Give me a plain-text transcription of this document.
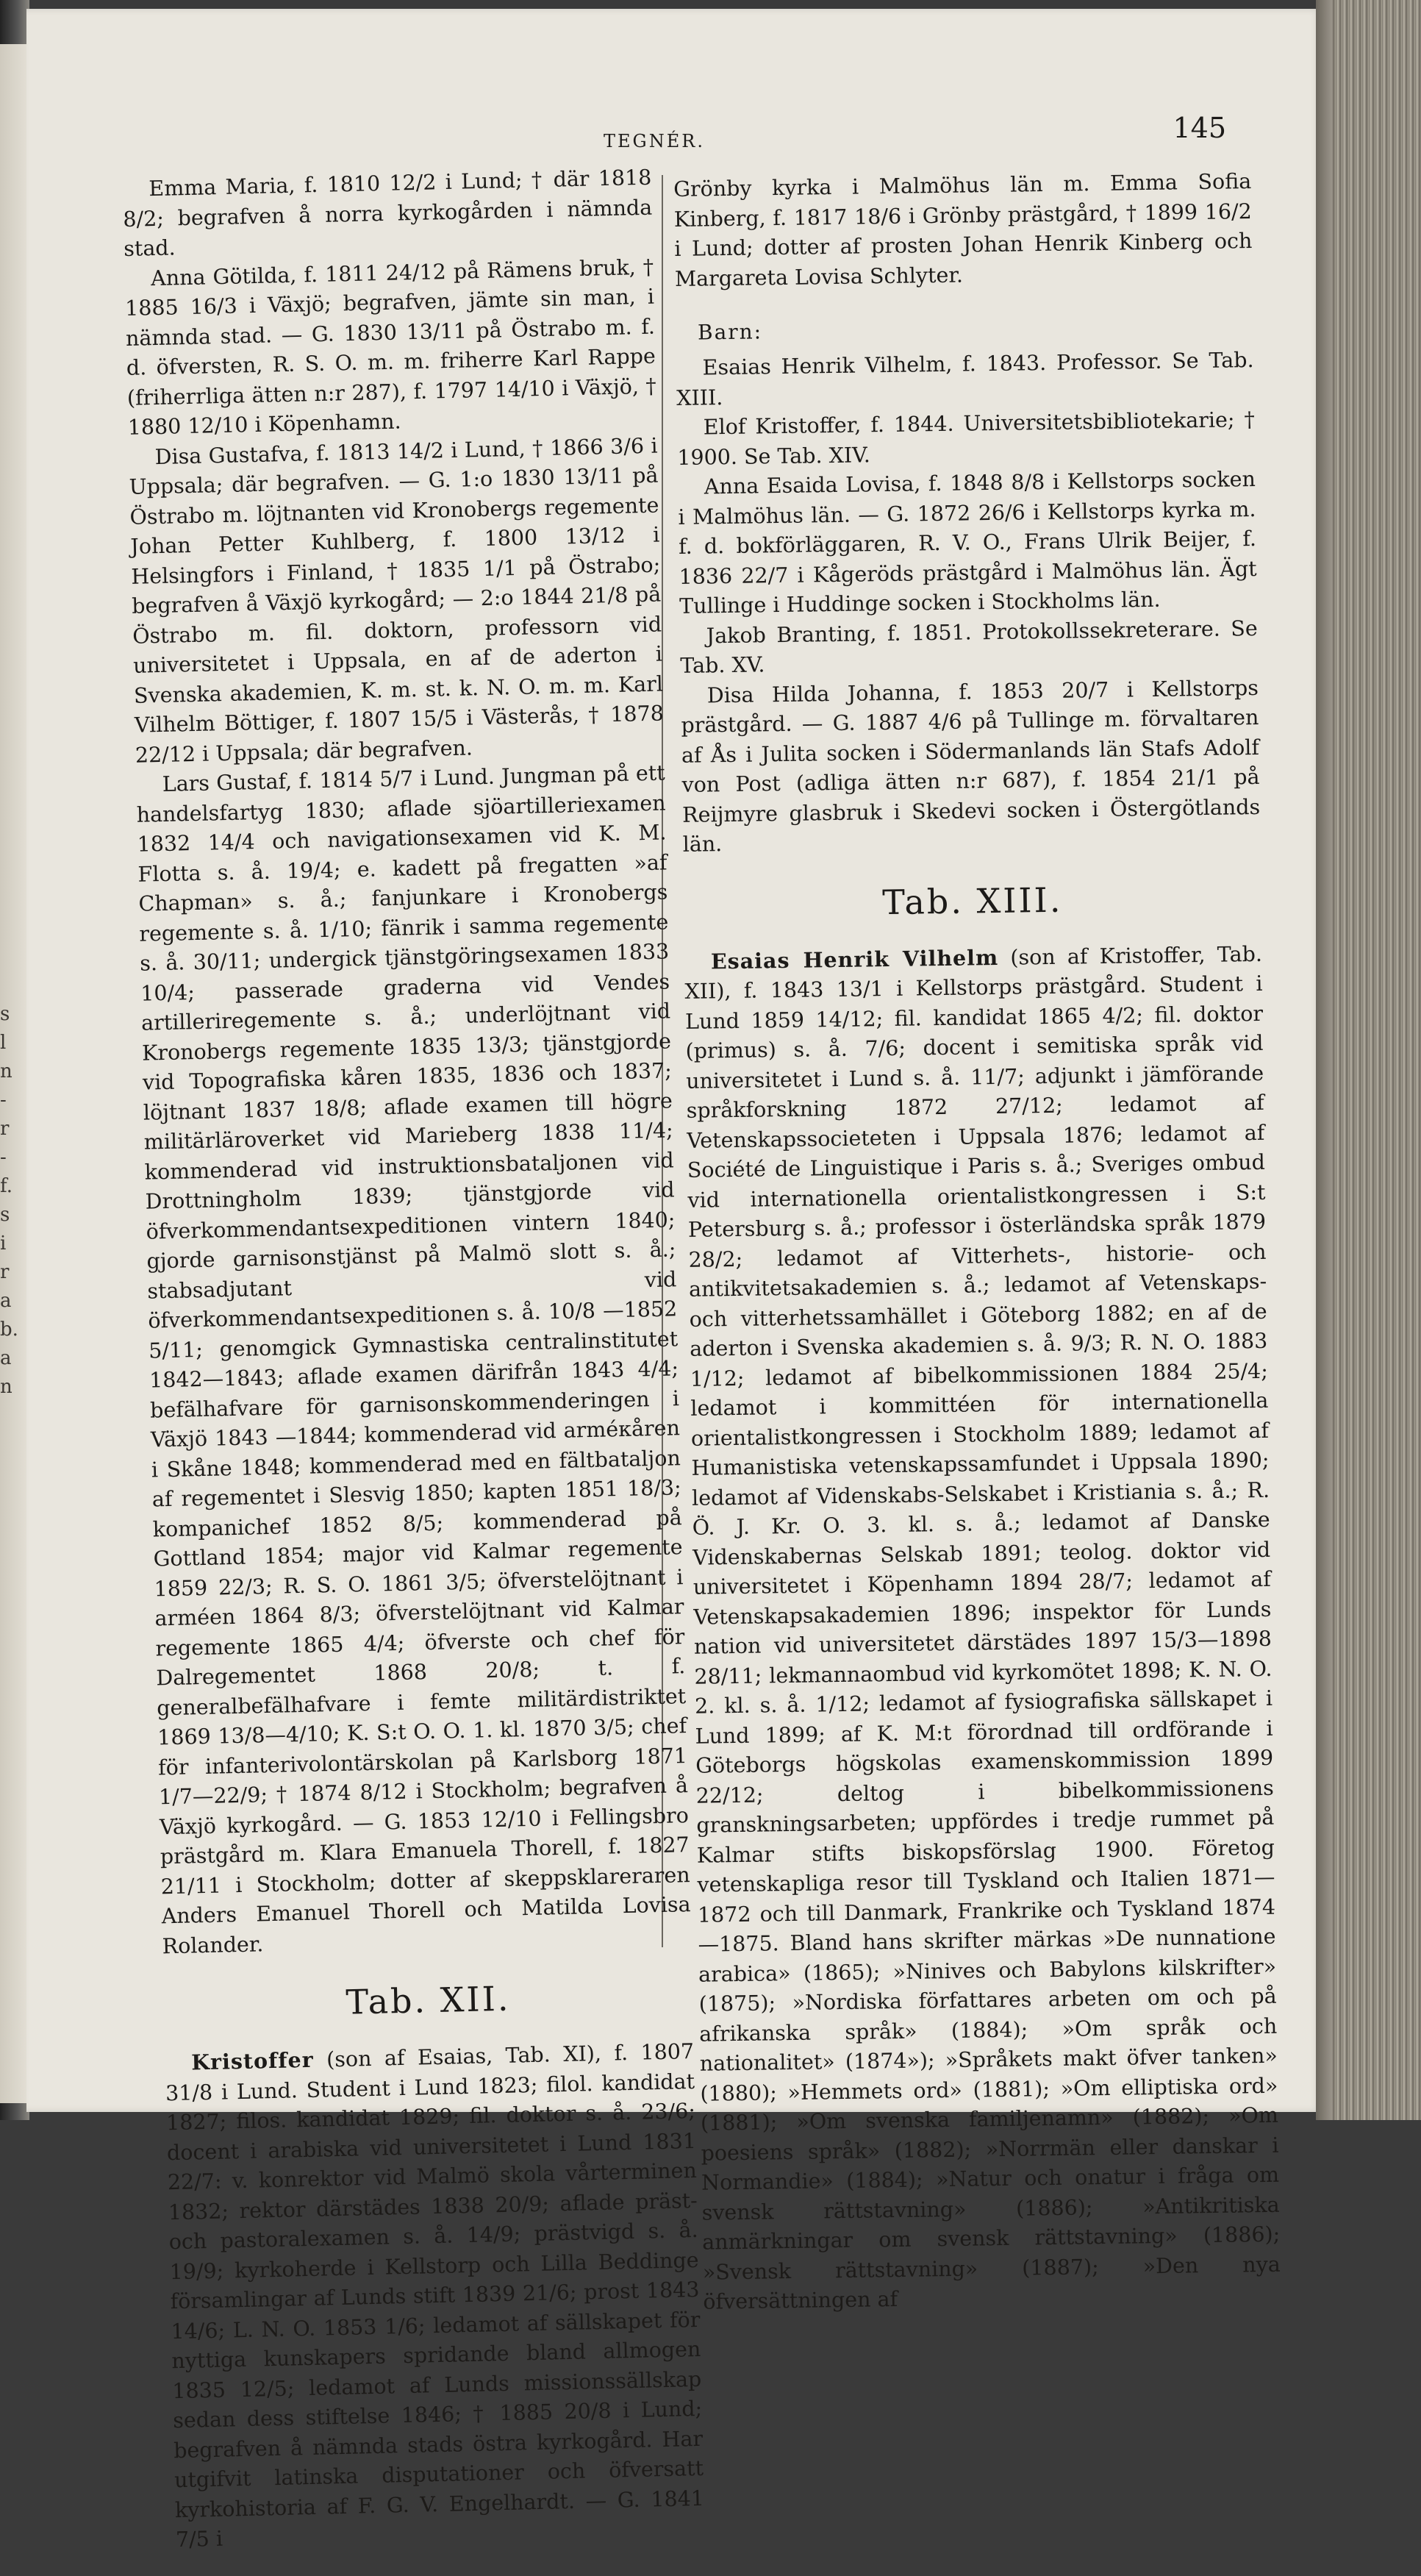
s
l
n
-
r
-
f.
s
i
r
a
b.
a
n
TEGNÉR.	145

Emma Maria, f. 1810 12/2 i Lund; † där 1818 8/2; begrafven å norra kyrkogården i nämnda stad.

Anna Götilda, f. 1811 24/12 på Rämens bruk, † 1885 16/3 i Växjö; begrafven, jämte sin man, i nämnda stad. — G. 1830 13/11 på Östrabo m. f. d. öfversten, R. S. O. m. m. friherre Karl Rappe (friherrliga ätten n:r 287), f. 1797 14/10 i Växjö, † 1880 12/10 i Köpenhamn.

Disa Gustafva, f. 1813 14/2 i Lund, † 1866 3/6 i Uppsala; där begrafven. — G. 1:o 1830 13/11 på Östrabo m. löjtnanten vid Kronobergs regemente Johan Petter Kuhlberg, f. 1800 13/12 i Helsingfors i Finland, † 1835 1/1 på Östrabo; begrafven å Växjö kyrkogård; — 2:o 1844 21/8 på Östrabo m. fil. doktorn, professorn vid universitetet i Uppsala, en af de aderton i Svenska akademien, K. m. st. k. N. O. m. m. Karl Vilhelm Böttiger, f. 1807 15/5 i Västerås, † 1878 22/12 i Uppsala; där begrafven.

Lars Gustaf, f. 1814 5/7 i Lund. Jungman på ett handelsfartyg 1830; aflade sjöartilleriexamen 1832 14/4 och navigationsexamen vid K. M. Flotta s. å. 19/4; e. kadett på fregatten »af Chapman» s. å.; fanjunkare i Kronobergs regemente s. å. 1/10; fänrik i samma regemente s. å. 30/11; undergick tjänstgöringsexamen 1833 10/4; passerade graderna vid Vendes artilleriregemente s. å.; underlöjtnant vid Kronobergs regemente 1835 13/3; tjänstgjorde vid Topografiska kåren 1835, 1836 och 1837; löjtnant 1837 18/8; aflade examen till högre militärläroverket vid Marieberg 1838 11/4; kommenderad vid instruktionsbataljonen vid Drottningholm 1839; tjänstgjorde vid öfverkommendantsexpeditionen vintern 1840; gjorde garnisonstjänst på Malmö slott s. å.; stabsadjutant vid öfverkommendantsexpeditionen s. å. 10/8 —1852 5/11; genomgick Gymnastiska centralinstitutet 1842—1843; aflade examen därifrån 1843 4/4; befälhafvare för garnisonskommenderingen i Växjö 1843 —1844; kommenderad vid arméкåren i Skåne 1848; kommenderad med en fältbataljon af regementet i Slesvig 1850; kapten 1851 18/3; kompanichef 1852 8/5; kommenderad på Gottland 1854; major vid Kalmar regemente 1859 22/3; R. S. O. 1861 3/5; öfverstelöjtnant i arméen 1864 8/3; öfverstelöjtnant vid Kalmar regemente 1865 4/4; öfverste och chef för Dalregementet 1868 20/8; t. f. generalbefälhafvare i femte militärdistriktet 1869 13/8—4/10; K. S:t O. O. 1. kl. 1870 3/5; chef för infanterivolontärskolan på Karlsborg 1871 1/7—22/9; † 1874 8/12 i Stockholm; begrafven å Växjö kyrkogård. — G. 1853 12/10 i Fellingsbro prästgård m. Klara Emanuela Thorell, f. 1827 21/11 i Stockholm; dotter af skeppsklareraren Anders Emanuel Thorell och Matilda Lovisa Rolander.

Tab. XII.

Kristoffer (son af Esaias, Tab. XI), f. 1807 31/8 i Lund. Student i Lund 1823; filol. kandidat 1827; filos. kandidat 1829; fil. doktor s. å. 23/6; docent i arabiska vid universitetet i Lund 1831 22/7: v. konrektor vid Malmö skola vårterminen 1832; rektor därstädes 1838 20/9; aflade präst- och pastoralexamen s. å. 14/9; prästvigd s. å. 19/9; kyrkoherde i Kellstorp och Lilla Beddinge församlingar af Lunds stift 1839 21/6; prost 1843 14/6; L. N. O. 1853 1/6; ledamot af sällskapet för nyttiga kunskapers spridande bland allmogen 1835 12/5; ledamot af Lunds missionssällskap sedan dess stiftelse 1846; † 1885 20/8 i Lund; begrafven å nämnda stads östra kyrkogård. Har utgifvit latinska disputationer och öfversatt kyrkohistoria af F. G. V. Engelhardt. — G. 1841 7/5 i

Grönby kyrka i Malmöhus län m. Emma Sofia Kinberg, f. 1817 18/6 i Grönby prästgård, † 1899 16/2 i Lund; dotter af prosten Johan Henrik Kinberg och Margareta Lovisa Schlyter.

Barn:

Esaias Henrik Vilhelm, f. 1843. Professor. Se Tab. XIII.

Elof Kristoffer, f. 1844. Universitetsbibliotekarie; † 1900. Se Tab. XIV.

Anna Esaida Lovisa, f. 1848 8/8 i Kellstorps socken i Malmöhus län. — G. 1872 26/6 i Kellstorps kyrka m. f. d. bokförläggaren, R. V. O., Frans Ulrik Beijer, f. 1836 22/7 i Kågeröds prästgård i Malmöhus län. Ägt Tullinge i Huddinge socken i Stockholms län.

Jakob Branting, f. 1851. Protokollssekreterare. Se Tab. XV.

Disa Hilda Johanna, f. 1853 20/7 i Kellstorps prästgård. — G. 1887 4/6 på Tullinge m. förvaltaren af Ås i Julita socken i Södermanlands län Stafs Adolf von Post (adliga ätten n:r 687), f. 1854 21/1 på Reijmyre glasbruk i Skedevi socken i Östergötlands län.

Tab. XIII.

Esaias Henrik Vilhelm (son af Kristoffer, Tab. XII), f. 1843 13/1 i Kellstorps prästgård. Student i Lund 1859 14/12; fil. kandidat 1865 4/2; fil. doktor (primus) s. å. 7/6; docent i semitiska språk vid universitetet i Lund s. å. 11/7; adjunkt i jämförande språkforskning 1872 27/12; ledamot af Vetenskapssocieteten i Uppsala 1876; ledamot af Société de Linguistique i Paris s. å.; Sveriges ombud vid internationella orientalistkongressen i S:t Petersburg s. å.; professor i österländska språk 1879 28/2; ledamot af Vitterhets-, historie- och antikvitetsakademien s. å.; ledamot af Vetenskaps- och vitterhetssamhället i Göteborg 1882; en af de aderton i Svenska akademien s. å. 9/3; R. N. O. 1883 1/12; ledamot af bibelkommissionen 1884 25/4; ledamot i kommittéen för internationella orientalistkongressen i Stockholm 1889; ledamot af Humanistiska vetenskapssamfundet i Uppsala 1890; ledamot af Videnskabs-Selskabet i Kristiania s. å.; R. Ö. J. Kr. O. 3. kl. s. å.; ledamot af Danske Videnskabernas Selskab 1891; teolog. doktor vid universitetet i Köpenhamn 1894 28/7; ledamot af Vetenskapsakademien 1896; inspektor för Lunds nation vid universitetet därstädes 1897 15/3—1898 28/11; lekmannaombud vid kyrkomötet 1898; K. N. O. 2. kl. s. å. 1/12; ledamot af fysiografiska sällskapet i Lund 1899; af K. M:t förordnad till ordförande i Göteborgs högskolas examenskommission 1899 22/12; deltog i bibelkommissionens granskningsarbeten; uppfördes i tredje rummet på Kalmar stifts biskopsförslag 1900. Företog vetenskapliga resor till Tyskland och Italien 1871—1872 och till Danmark, Frankrike och Tyskland 1874—1875. Bland hans skrifter märkas »De nunnatione arabica» (1865); »Ninives och Babylons kilskrifter» (1875); »Nordiska författares arbeten om och på afrikanska språk» (1884); »Om språk och nationalitet» (1874»); »Språkets makt öfver tanken» (1880); »Hemmets ord» (1881); »Om elliptiska ord» (1881); »Om svenska familjenamn» (1882); »Om poesiens språk» (1882); »Norrmän eller danskar i Normandie» (1884); »Natur och onatur i fråga om svensk rättstavning» (1886); »Antikritiska anmärkningar om svensk rättstavning» (1886); »Svensk rättstavning» (1887); »Den nya öfversättningen af
